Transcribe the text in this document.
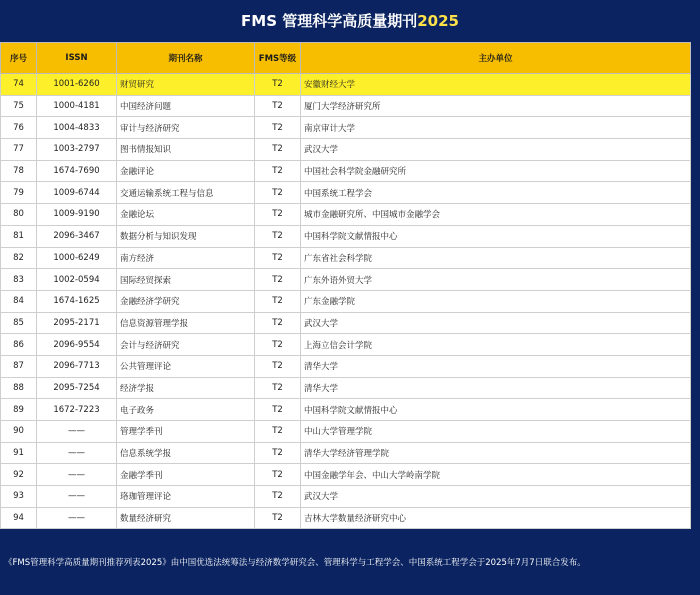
FMS 管理科学高质量期刊2025
序号	ISSN	期刊名称	FMS等级	主办单位
74	1001-6260	财贸研究	T2	安徽财经大学
75	1000-4181	中国经济问题	T2	厦门大学经济研究所
76	1004-4833	审计与经济研究	T2	南京审计大学
77	1003-2797	图书情报知识	T2	武汉大学
78	1674-7690	金融评论	T2	中国社会科学院金融研究所
79	1009-6744	交通运输系统工程与信息	T2	中国系统工程学会
80	1009-9190	金融论坛	T2	城市金融研究所、中国城市金融学会
81	2096-3467	数据分析与知识发现	T2	中国科学院文献情报中心
82	1000-6249	南方经济	T2	广东省社会科学院
83	1002-0594	国际经贸探索	T2	广东外语外贸大学
84	1674-1625	金融经济学研究	T2	广东金融学院
85	2095-2171	信息资源管理学报	T2	武汉大学
86	2096-9554	会计与经济研究	T2	上海立信会计学院
87	2096-7713	公共管理评论	T2	清华大学
88	2095-7254	经济学报	T2	清华大学
89	1672-7223	电子政务	T2	中国科学院文献情报中心
90	——	管理学季刊	T2	中山大学管理学院
91	——	信息系统学报	T2	清华大学经济管理学院
92	——	金融学季刊	T2	中国金融学年会、中山大学岭南学院
93	——	珞珈管理评论	T2	武汉大学
94	——	数量经济研究	T2	吉林大学数量经济研究中心
《FMS管理科学高质量期刊推荐列表2025》由中国优选法统筹法与经济数学研究会、管理科学与工程学会、中国系统工程学会于2025年7月7日联合发布。
